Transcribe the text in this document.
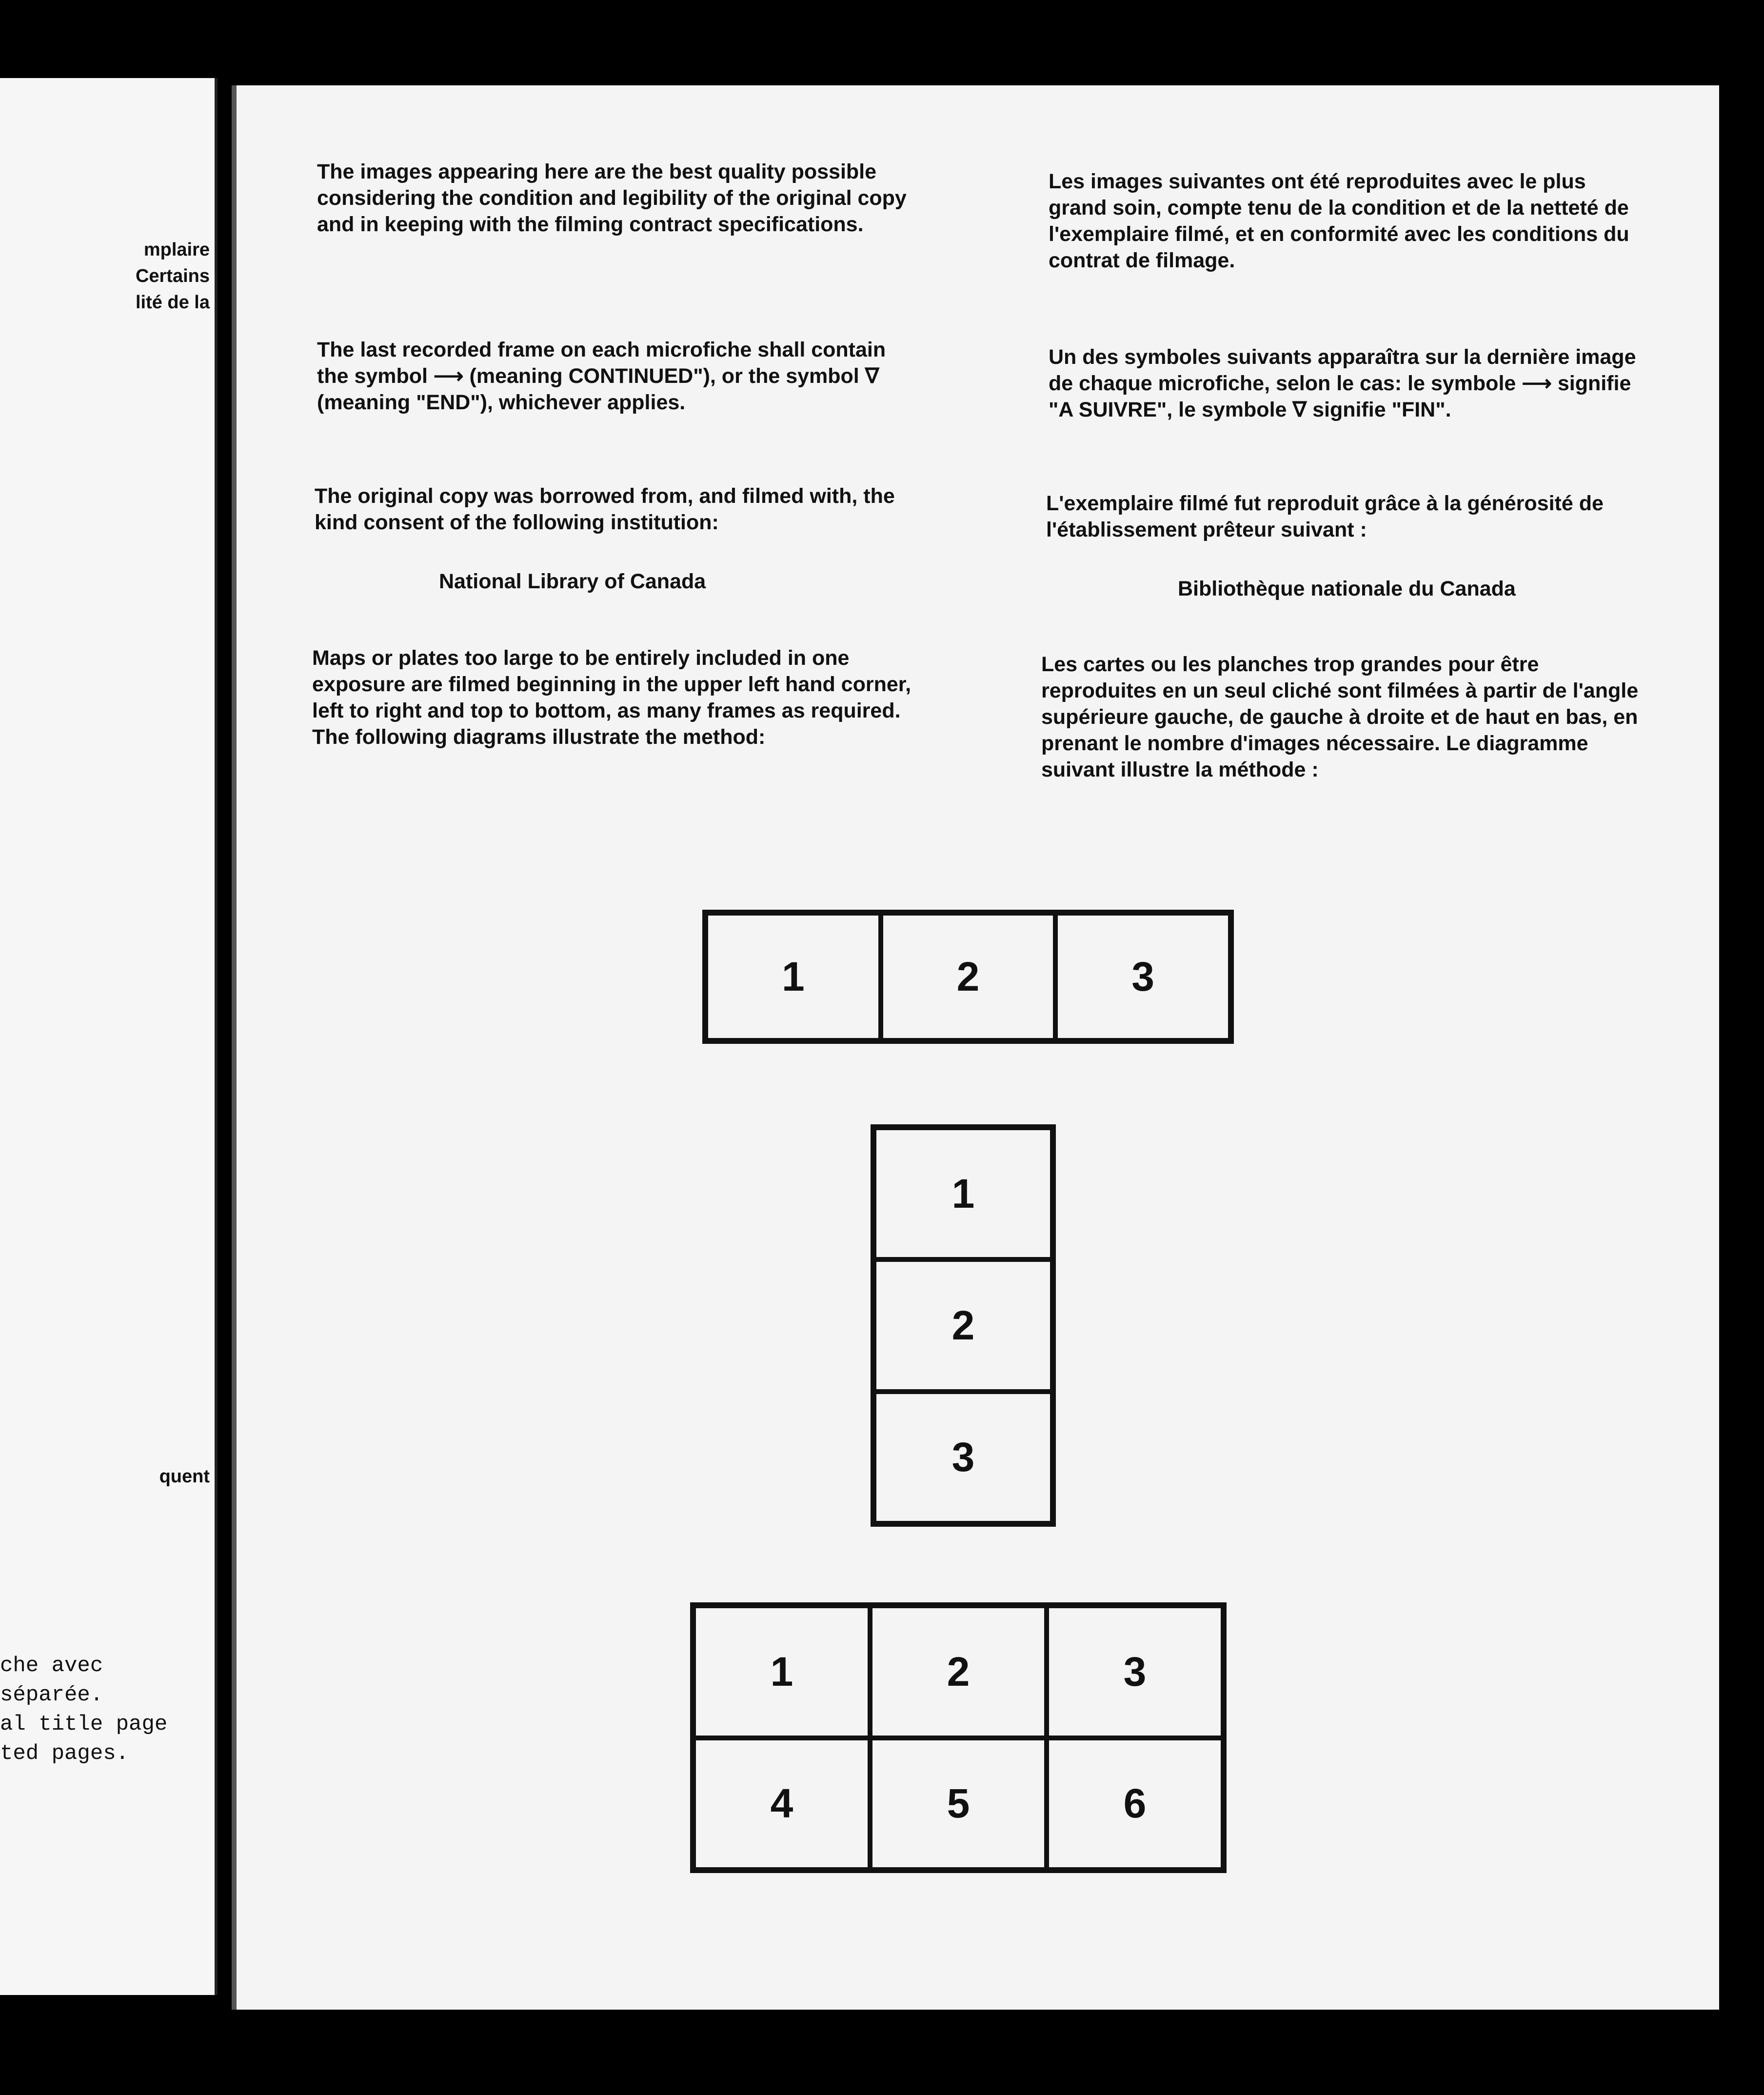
mplaire
Certains
lité de la
quent
che avec
séparée.
al title page
ted pages.
The images appearing here are the best quality possible considering the condition and legibility of the original copy and in keeping with the filming contract specifications.
The last recorded frame on each microfiche shall contain the symbol ⟶ (meaning CONTINUED"), or the symbol ∇ (meaning "END"), whichever applies.
The original copy was borrowed from, and filmed with, the kind consent of the following institution:
National Library of Canada
Maps or plates too large to be entirely included in one exposure are filmed beginning in the upper left hand corner, left to right and top to bottom, as many frames as required. The following diagrams illustrate the method:
Les images suivantes ont été reproduites avec le plus grand soin, compte tenu de la condition et de la netteté de l'exemplaire filmé, et en conformité avec les conditions du contrat de filmage.
Un des symboles suivants apparaîtra sur la dernière image de chaque microfiche, selon le cas: le symbole ⟶ signifie "A SUIVRE", le symbole ∇ signifie "FIN".
L'exemplaire filmé fut reproduit grâce à la générosité de l'établissement prêteur suivant :
Bibliothèque nationale du Canada
Les cartes ou les planches trop grandes pour être reproduites en un seul cliché sont filmées à partir de l'angle supérieure gauche, de gauche à droite et de haut en bas, en prenant le nombre d'images nécessaire. Le diagramme suivant illustre la méthode :
1	2	3
1
2
3
1	2	3
4	5	6
